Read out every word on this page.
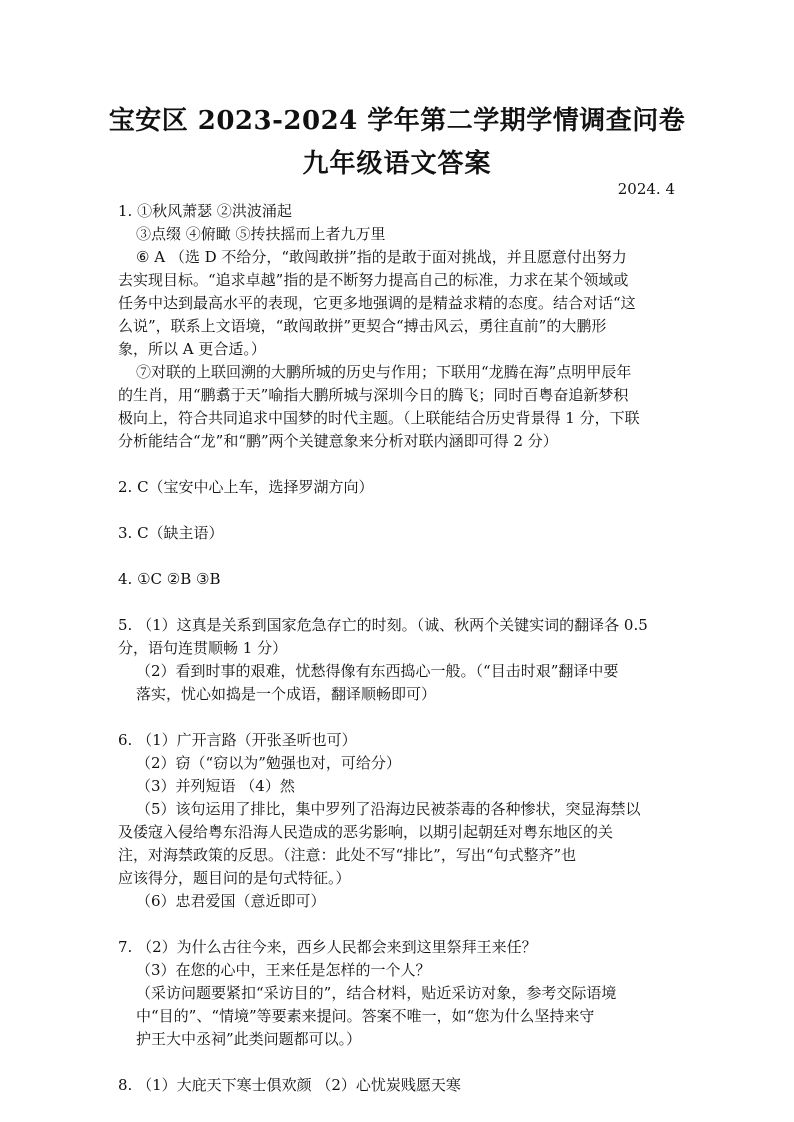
宝安区 2023-2024 学年第二学期学情调查问卷
九年级语文答案
2024. 4
1. ①秋风萧瑟 ②洪波涌起
③点缀 ④俯瞰 ⑤抟扶摇而上者九万里
⑥ A （选 D 不给分，“敢闯敢拼”指的是敢于面对挑战，并且愿意付出努力
去实现目标。“追求卓越”指的是不断努力提高自己的标准，力求在某个领域或
任务中达到最高水平的表现，它更多地强调的是精益求精的态度。结合对话“这
么说”，联系上文语境，“敢闯敢拼”更契合“搏击风云，勇往直前”的大鹏形
象，所以 A 更合适。）
⑦对联的上联回溯的大鹏所城的历史与作用；下联用“龙腾在海”点明甲辰年
的生肖，用“鹏翥于天”喻指大鹏所城与深圳今日的腾飞；同时百粤奋追新梦积
极向上，符合共同追求中国梦的时代主题。（上联能结合历史背景得 1 分，下联
分析能结合“龙”和“鹏”两个关键意象来分析对联内涵即可得 2 分）
2. C（宝安中心上车，选择罗湖方向）
3. C（缺主语）
4. ①C ②B ③B
5. （1）这真是关系到国家危急存亡的时刻。（诚、秋两个关键实词的翻译各 0.5
分，语句连贯顺畅 1 分）
（2）看到时事的艰难，忧愁得像有东西捣心一般。（“目击时艰”翻译中要
落实，忧心如捣是一个成语，翻译顺畅即可）
6. （1）广开言路（开张圣听也可）
（2）窃（“窃以为”勉强也对，可给分）
（3）并列短语 （4）然
（5）该句运用了排比，集中罗列了沿海边民被荼毒的各种惨状，突显海禁以
及倭寇入侵给粤东沿海人民造成的恶劣影响，以期引起朝廷对粤东地区的关
注，对海禁政策的反思。（注意：此处不写“排比”，写出“句式整齐”也
应该得分，题目问的是句式特征。）
（6）忠君爱国（意近即可）
7. （2）为什么古往今来，西乡人民都会来到这里祭拜王来任？
（3）在您的心中，王来任是怎样的一个人？
（采访问题要紧扣“采访目的”，结合材料，贴近采访对象，参考交际语境
中“目的”、“情境”等要素来提问。答案不唯一，如“您为什么坚持来守
护王大中丞祠”此类问题都可以。）
8. （1）大庇天下寒士俱欢颜 （2）心忧炭贱愿天寒
